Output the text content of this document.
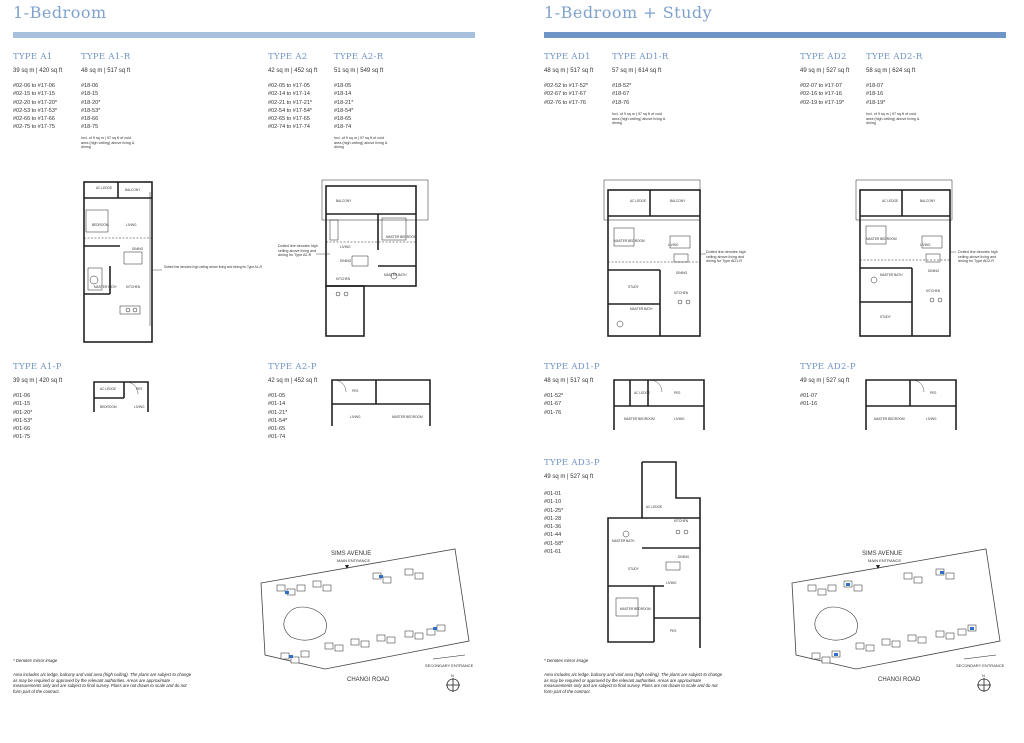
1-Bedroom
TYPE A1
39 sq m | 420 sq ft
#02-06 to #17-06
#02-15 to #17-15
#02-20 to #17-20*
#02-53 to #17-53*
#02-66 to #17-66
#02-75 to #17-75
TYPE A1-R
48 sq m | 517 sq ft
#18-06
#18-15
#18-20*
#18-53*
#18-66
#18-75
Incl. of 9 sq m | 97 sq ft of void area (high ceiling) above living & dining
TYPE A2
42 sq m | 452 sq ft
#02-05 to #17-05
#02-14 to #17-14
#02-21 to #17-21*
#02-54 to #17-54*
#02-65 to #17-65
#02-74 to #17-74
TYPE A2-R
51 sq m | 549 sq ft
#18-05
#18-14
#18-21*
#18-54*
#18-65
#18-74
Incl. of 9 sq m | 97 sq ft of void area (high ceiling) above living & dining
AC LEDGE	BALCONY
BEDROOM	LIVING
DINING
MASTER BATH	KITCHEN
Dotted line denotes high ceiling above living and dining for Type A1-R
BALCONY
MASTER BEDROOM
LIVING
DINING
MASTER BATH
KITCHEN
Dotted line denotes high ceiling above living and dining for Type A2-R
TYPE A1-P
39 sq m | 420 sq ft
#01-06
#01-15
#01-20*
#01-53*
#01-66
#01-75
AC LEDGE	PES
BEDROOM	LIVING
TYPE A2-P
42 sq m | 452 sq ft
#01-05
#01-14
#01-21*
#01-54*
#01-65
#01-74
PES
LIVING	MASTER BEDROOM
* Denotes mirror image
Area includes a/c ledge, balcony and void area (high ceiling). The plans are subject to change as may be required or approved by the relevant authorities. Areas are approximate measurements only and are subject to final survey. Plans are not drawn to scale and do not form part of the contract.
SIMS AVENUE
MAIN ENTRANCE
CHANGI ROAD
SECONDARY ENTRANCE
N
1-Bedroom + Study
TYPE AD1
48 sq m | 517 sq ft
#02-52 to #17-52*
#02-67 to #17-67
#02-76 to #17-76
TYPE AD1-R
57 sq m | 614 sq ft
#18-52*
#18-67
#18-76
Incl. of 9 sq m | 97 sq ft of void area (high ceiling) above living & dining
TYPE AD2
49 sq m | 527 sq ft
#02-07 to #17-07
#02-16 to #17-16
#02-19 to #17-19*
TYPE AD2-R
58 sq m | 624 sq ft
#18-07
#18-16
#18-19*
Incl. of 9 sq m | 97 sq ft of void area (high ceiling) above living & dining
AC LEDGE	BALCONY
MASTER BEDROOM
LIVING
DINING
STUDY
MASTER BATH
KITCHEN
Dotted line denotes high ceiling above living and dining for Type AD1-R
AC LEDGE	BALCONY
MASTER BEDROOM
LIVING
DINING
MASTER BATH
STUDY
KITCHEN
Dotted line denotes high ceiling above living and dining for Type AD2-R
TYPE AD1-P
48 sq m | 517 sq ft
#01-52*
#01-67
#01-76
AC LEDGE	PES
MASTER BEDROOM	LIVING
TYPE AD2-P
49 sq m | 527 sq ft
#01-07
#01-16
PES
MASTER BEDROOM	LIVING
TYPE AD3-P
49 sq m | 527 sq ft
#01-01
#01-10
#01-25*
#01-28
#01-36
#01-44
#01-58*
#01-61
AC LEDGE
KITCHEN
MASTER BATH
DINING
STUDY
LIVING
MASTER BEDROOM
PES
* Denotes mirror image
Area includes a/c ledge, balcony and void area (high ceiling). The plans are subject to change as may be required or approved by the relevant authorities. Areas are approximate measurements only and are subject to final survey. Plans are not drawn to scale and do not form part of the contract.
SIMS AVENUE
MAIN ENTRANCE
CHANGI ROAD
SECONDARY ENTRANCE
N
